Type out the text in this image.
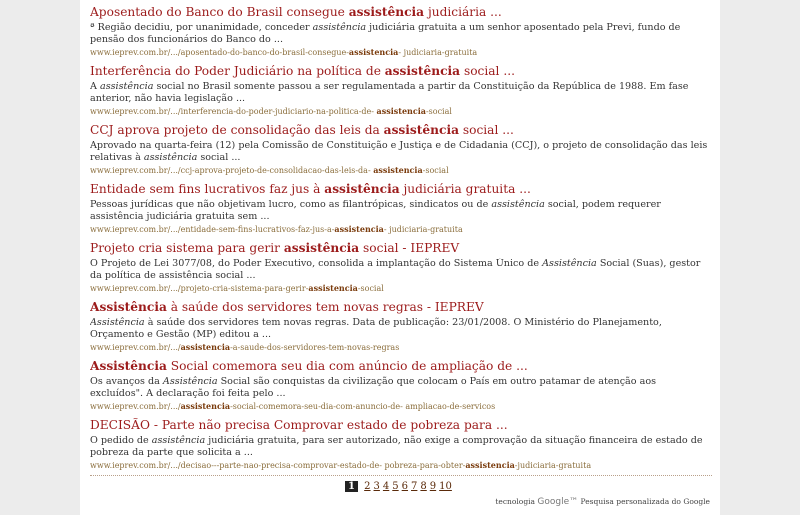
Aposentado do Banco do Brasil consegue assistência judiciária ...
ª Região decidiu, por unanimidade, conceder assistência judiciária gratuita a um senhor aposentado pela Previ, fundo de pensão dos funcionários do Banco do ...
www.ieprev.com.br/.../aposentado-do-banco-do-brasil-consegue-assistencia- judiciaria-gratuita
Interferência do Poder Judiciário na política de assistência social ...
A assistência social no Brasil somente passou a ser regulamentada a partir da Constituição da República de 1988. Em fase anterior, não havia legislação ...
www.ieprev.com.br/.../interferencia-do-poder-judiciario-na-politica-de- assistencia-social
CCJ aprova projeto de consolidação das leis da assistência social ...
Aprovado na quarta-feira (12) pela Comissão de Constituição e Justiça e de Cidadania (CCJ), o projeto de consolidação das leis relativas à assistência social ...
www.ieprev.com.br/.../ccj-aprova-projeto-de-consolidacao-das-leis-da- assistencia-social
Entidade sem fins lucrativos faz jus à assistência judiciária gratuita ...
Pessoas jurídicas que não objetivam lucro, como as filantrópicas, sindicatos ou de assistência social, podem requerer assistência judiciária gratuita sem ...
www.ieprev.com.br/.../entidade-sem-fins-lucrativos-faz-jus-a-assistencia- judiciaria-gratuita
Projeto cria sistema para gerir assistência social - IEPREV
O Projeto de Lei 3077/08, do Poder Executivo, consolida a implantação do Sistema Único de Assistência Social (Suas), gestor da política de assistência social ...
www.ieprev.com.br/.../projeto-cria-sistema-para-gerir-assistencia-social
Assistência à saúde dos servidores tem novas regras - IEPREV
Assistência à saúde dos servidores tem novas regras. Data de publicação: 23/01/2008. O Ministério do Planejamento, Orçamento e Gestão (MP) editou a ...
www.ieprev.com.br/.../assistencia-a-saude-dos-servidores-tem-novas-regras
Assistência Social comemora seu dia com anúncio de ampliação de ...
Os avanços da Assistência Social são conquistas da civilização que colocam o País em outro patamar de atenção aos excluídos". A declaração foi feita pelo ...
www.ieprev.com.br/.../assistencia-social-comemora-seu-dia-com-anuncio-de- ampliacao-de-servicos
DECISÃO - Parte não precisa Comprovar estado de pobreza para ...
O pedido de assistência judiciária gratuita, para ser autorizado, não exige a comprovação da situação financeira de estado de pobreza da parte que solicita a ...
www.ieprev.com.br/.../decisao---parte-nao-precisa-comprovar-estado-de- pobreza-para-obter-assistencia-judiciaria-gratuita
1 2 3 4 5 6 7 8 9 10
tecnologia Google™ Pesquisa personalizada do Google
